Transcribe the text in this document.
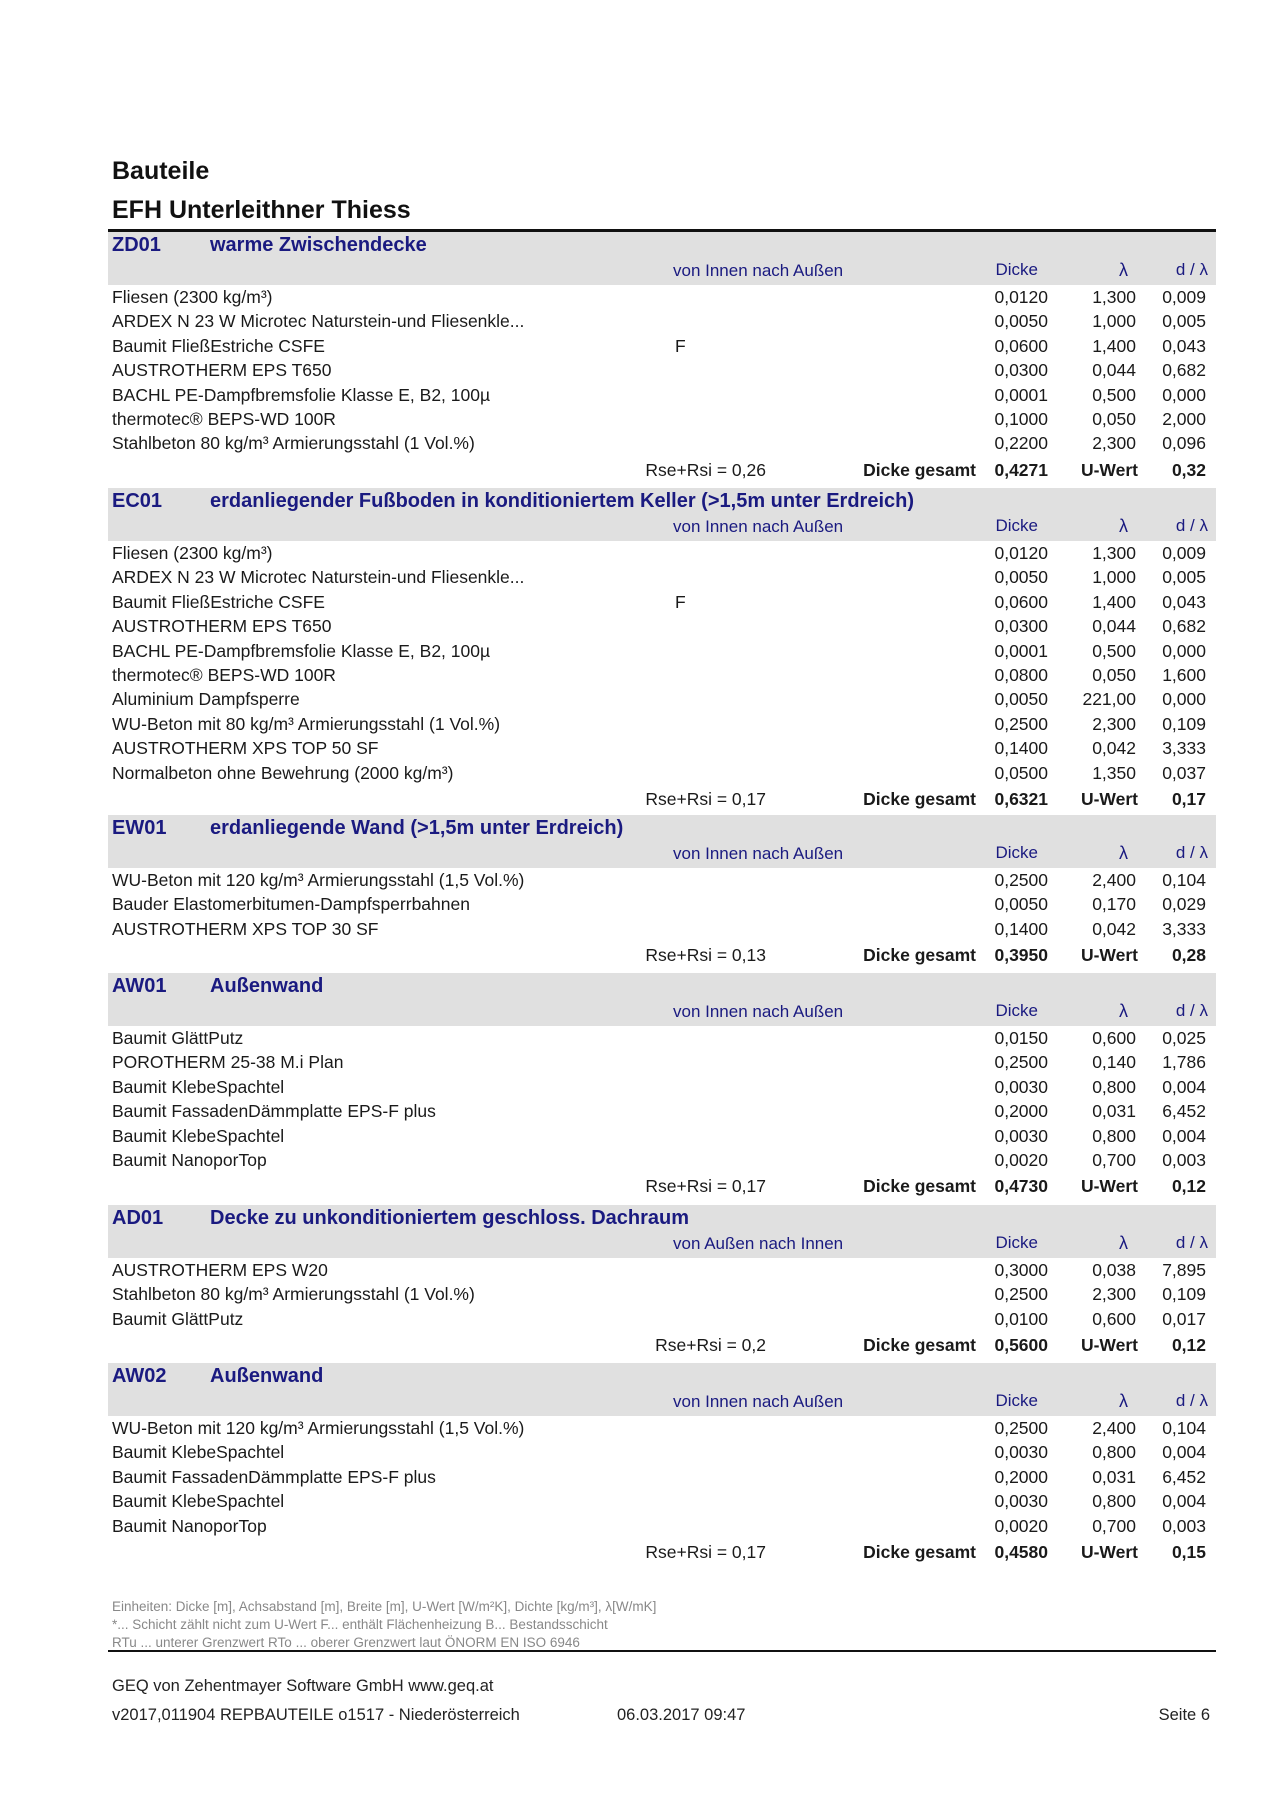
Bauteile
EFH Unterleithner Thiess
ZD01 warme Zwischendecke
von Innen nach Außen	Dicke	λ	d / λ
Fliesen (2300 kg/m³)	0,0120	1,300 0,009
ARDEX N 23 W Microtec Naturstein-und Fliesenkle...	0,0050	1,000 0,005
Baumit FließEstriche CSFE	F	0,0600	1,400 0,043
AUSTROTHERM EPS T650	0,0300	0,044 0,682
BACHL PE-Dampfbremsfolie Klasse E, B2, 100µ	0,0001	0,500 0,000
thermotec® BEPS-WD 100R	0,1000	0,050 2,000
Stahlbeton 80 kg/m³ Armierungsstahl (1 Vol.%)	0,2200	2,300 0,096
Rse+Rsi = 0,26	Dicke gesamt 0,4271 U-Wert 0,32
EC01 erdanliegender Fußboden in konditioniertem Keller (>1,5m unter Erdreich)
von Innen nach Außen	Dicke	λ	d / λ
Fliesen (2300 kg/m³)	0,0120	1,300 0,009
ARDEX N 23 W Microtec Naturstein-und Fliesenkle...	0,0050	1,000 0,005
Baumit FließEstriche CSFE	F	0,0600	1,400 0,043
AUSTROTHERM EPS T650	0,0300	0,044 0,682
BACHL PE-Dampfbremsfolie Klasse E, B2, 100µ	0,0001	0,500 0,000
thermotec® BEPS-WD 100R	0,0800	0,050 1,600
Aluminium Dampfsperre	0,0050 221,00 0,000
WU-Beton mit 80 kg/m³ Armierungsstahl (1 Vol.%)	0,2500	2,300 0,109
AUSTROTHERM XPS TOP 50 SF	0,1400	0,042 3,333
Normalbeton ohne Bewehrung (2000 kg/m³)	0,0500	1,350 0,037
Rse+Rsi = 0,17	Dicke gesamt 0,6321 U-Wert 0,17
EW01 erdanliegende Wand (>1,5m unter Erdreich)
von Innen nach Außen	Dicke	λ	d / λ
WU-Beton mit 120 kg/m³ Armierungsstahl (1,5 Vol.%)	0,2500	2,400 0,104
Bauder Elastomerbitumen-Dampfsperrbahnen	0,0050	0,170 0,029
AUSTROTHERM XPS TOP 30 SF	0,1400	0,042 3,333
Rse+Rsi = 0,13	Dicke gesamt 0,3950 U-Wert 0,28
AW01 Außenwand
von Innen nach Außen	Dicke	λ	d / λ
Baumit GlättPutz	0,0150	0,600 0,025
POROTHERM 25-38 M.i Plan	0,2500	0,140 1,786
Baumit KlebeSpachtel	0,0030	0,800 0,004
Baumit FassadenDämmplatte EPS-F plus	0,2000	0,031 6,452
Baumit KlebeSpachtel	0,0030	0,800 0,004
Baumit NanoporTop	0,0020	0,700 0,003
Rse+Rsi = 0,17	Dicke gesamt 0,4730 U-Wert 0,12
AD01 Decke zu unkonditioniertem geschloss. Dachraum
von Außen nach Innen	Dicke	λ	d / λ
AUSTROTHERM EPS W20	0,3000	0,038 7,895
Stahlbeton 80 kg/m³ Armierungsstahl (1 Vol.%)	0,2500	2,300 0,109
Baumit GlättPutz	0,0100	0,600 0,017
Rse+Rsi = 0,2	Dicke gesamt 0,5600 U-Wert 0,12
AW02 Außenwand
von Innen nach Außen	Dicke	λ	d / λ
WU-Beton mit 120 kg/m³ Armierungsstahl (1,5 Vol.%)	0,2500	2,400 0,104
Baumit KlebeSpachtel	0,0030	0,800 0,004
Baumit FassadenDämmplatte EPS-F plus	0,2000	0,031 6,452
Baumit KlebeSpachtel	0,0030	0,800 0,004
Baumit NanoporTop	0,0020	0,700 0,003
Rse+Rsi = 0,17	Dicke gesamt 0,4580 U-Wert 0,15
Einheiten: Dicke [m], Achsabstand [m], Breite [m], U-Wert [W/m²K], Dichte [kg/m³], λ[W/mK]
*... Schicht zählt nicht zum U-Wert F... enthält Flächenheizung B... Bestandsschicht
RTu ... unterer Grenzwert RTo ... oberer Grenzwert laut ÖNORM EN ISO 6946
GEQ von Zehentmayer Software GmbH www.geq.at
v2017,011904 REPBAUTEILE o1517 - Niederösterreich	06.03.2017 09:47	Seite 6
